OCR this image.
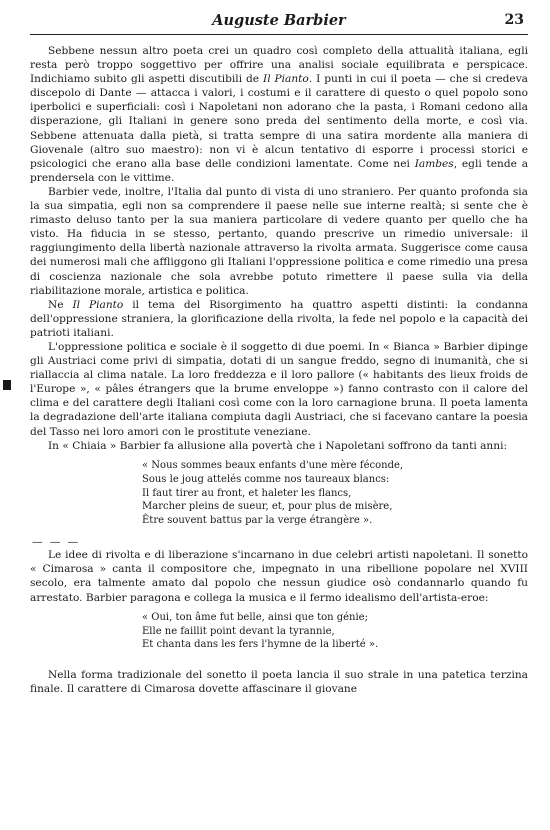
Auguste Barbier	23

Sebbene nessun altro poeta crei un quadro così completo della attualità italiana, egli resta però troppo soggettivo per offrire una analisi sociale equilibrata e perspicace. Indichiamo subito gli aspetti discutibili de Il Pianto. I punti in cui il poeta — che si credeva discepolo di Dante — attacca i valori, i costumi e il carattere di questo o quel popolo sono iperbolici e superficiali: così i Napoletani non adorano che la pasta, i Romani cedono alla disperazione, gli Italiani in genere sono preda del sentimento della morte, e così via. Sebbene attenuata dalla pietà, si tratta sempre di una satira mordente alla maniera di Giovenale (altro suo maestro): non vi è alcun tentativo di esporre i processi storici e psicologici che erano alla base delle condizioni lamentate. Come nei Iambes, egli tende a prendersela con le vittime.

Barbier vede, inoltre, l'Italia dal punto di vista di uno straniero. Per quanto profonda sia la sua simpatia, egli non sa comprendere il paese nelle sue interne realtà; si sente che è rimasto deluso tanto per la sua maniera particolare di vedere quanto per quello che ha visto. Ha fiducia in se stesso, pertanto, quando prescrive un rimedio universale: il raggiungimento della libertà nazionale attraverso la rivolta armata. Suggerisce come causa dei numerosi mali che affliggono gli Italiani l'oppressione politica e come rimedio una presa di coscienza nazionale che sola avrebbe potuto rimettere il paese sulla via della riabilitazione morale, artistica e politica.

Ne Il Pianto il tema del Risorgimento ha quattro aspetti distinti: la condanna dell'oppressione straniera, la glorificazione della rivolta, la fede nel popolo e la capacità dei patrioti italiani.

L'oppressione politica e sociale è il soggetto di due poemi. In « Bianca » Barbier dipinge gli Austriaci come privi di simpatia, dotati di un sangue freddo, segno di inumanità, che si riallaccia al clima natale. La loro freddezza e il loro pallore (« habitants des lieux froids de l'Europe », « pâles étrangers que la brume enveloppe ») fanno contrasto con il calore del clima e del carattere degli Italiani così come con la loro carnagione bruna. Il poeta lamenta la degradazione dell'arte italiana compiuta dagli Austriaci, che si facevano cantare la poesia del Tasso nei loro amori con le prostitute veneziane.

In « Chiaia » Barbier fa allusione alla povertà che i Napoletani soffrono da tanti anni:

« Nous sommes beaux enfants d'une mère féconde,
Sous le joug attelés comme nos taureaux blancs:
Il faut tirer au front, et haleter les flancs,
Marcher pleins de sueur, et, pour plus de misère,
Être souvent battus par la verge étrangère ».
— — —

Le idee di rivolta e di liberazione s'incarnano in due celebri artisti napoletani. Il sonetto « Cimarosa » canta il compositore che, impegnato in una ribellione popolare nel XVIII secolo, era talmente amato dal popolo che nessun giudice osò condannarlo quando fu arrestato. Barbier paragona e collega la musica e il fermo idealismo dell'artista-eroe:

« Oui, ton âme fut belle, ainsi que ton génie;
Elle ne faillit point devant la tyrannie,
Et chanta dans les fers l'hymne de la liberté ».

Nella forma tradizionale del sonetto il poeta lancia il suo strale in una patetica terzina finale. Il carattere di Cimarosa dovette affascinare il giovane
